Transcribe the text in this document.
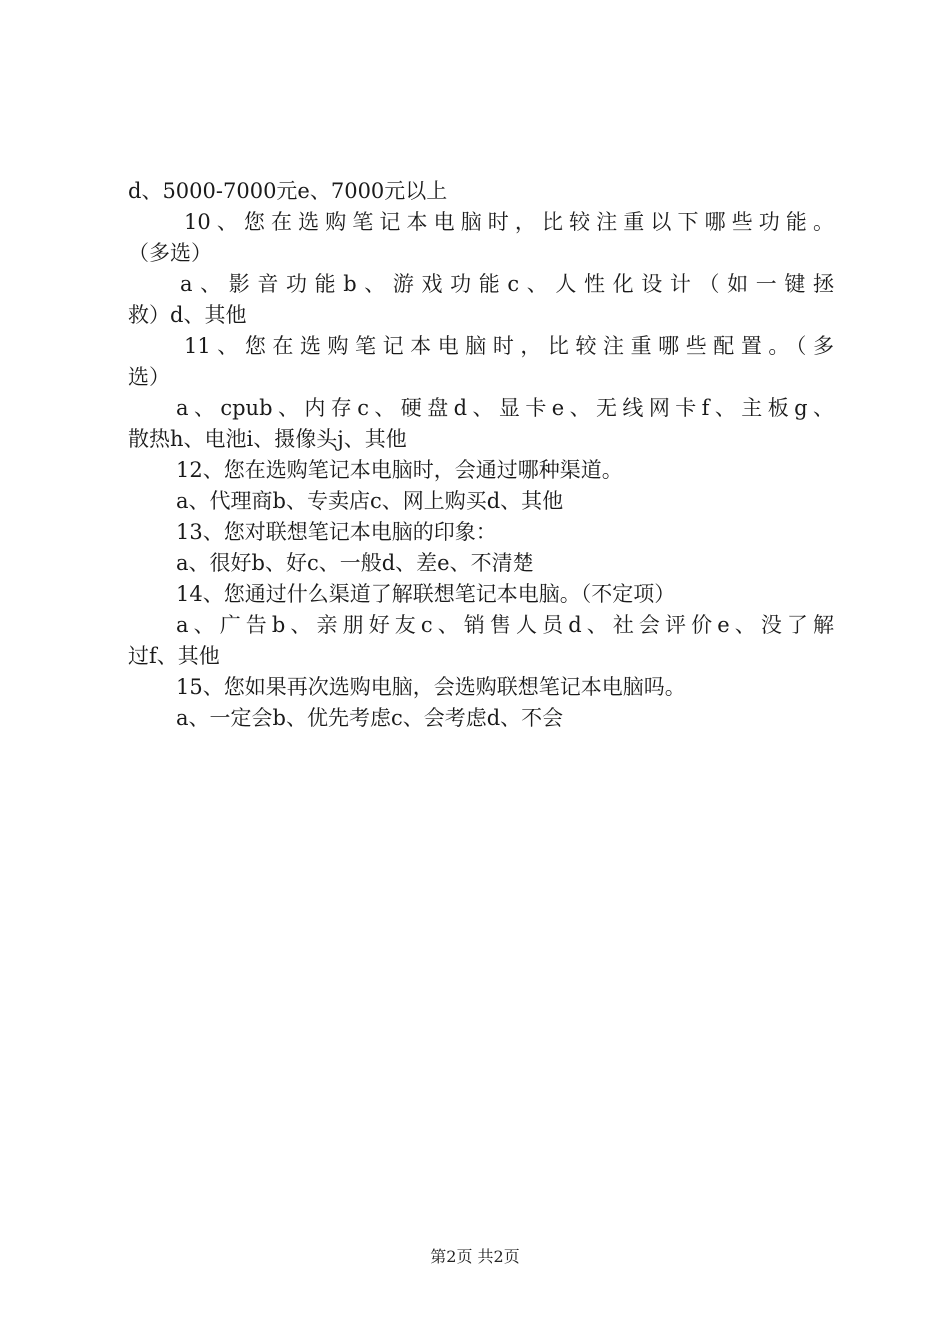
d、5000-7000元e、7000元以上
10、您在选购笔记本电脑时，比较注重以下哪些功能。
（多选）
a、影音功能b、游戏功能c、人性化设计（如一键拯
救）d、其他
11、您在选购笔记本电脑时，比较注重哪些配置。（多
选）
a、cpub、内存c、硬盘d、显卡e、无线网卡f、主板g、
散热h、电池i、摄像头j、其他
12、您在选购笔记本电脑时，会通过哪种渠道。
a、代理商b、专卖店c、网上购买d、其他
13、您对联想笔记本电脑的印象：
a、很好b、好c、一般d、差e、不清楚
14、您通过什么渠道了解联想笔记本电脑。（不定项）
a、广告b、亲朋好友c、销售人员d、社会评价e、没了解
过f、其他
15、您如果再次选购电脑，会选购联想笔记本电脑吗。
a、一定会b、优先考虑c、会考虑d、不会
第2页 共2页
